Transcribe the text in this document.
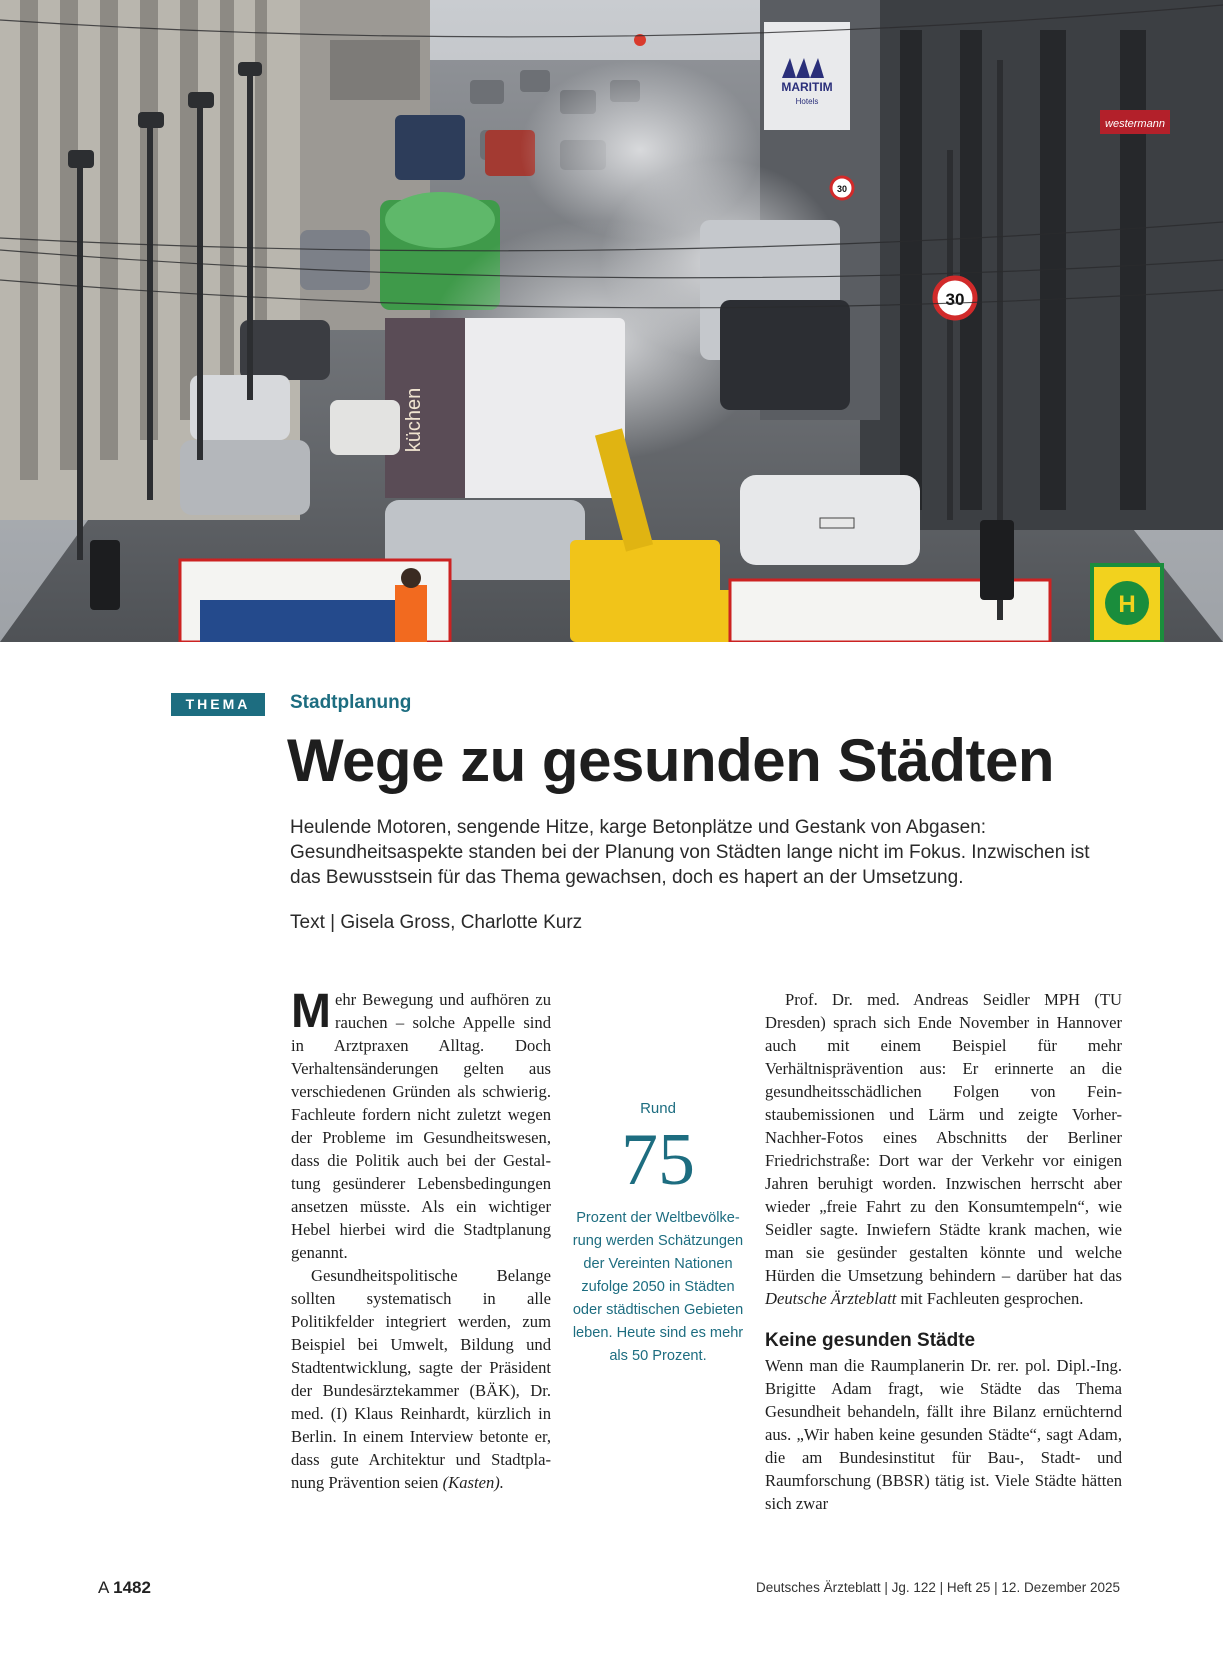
westermann
MARITIM
Hotels
küchen
30
30
H
THEMA	Stadtplanung
Wege zu gesunden Städten

Heulende Motoren, sengende Hitze, karge Betonplätze und Gestank von Abgasen: Gesundheitsaspekte standen bei der Planung von Städten lange nicht im Fokus. Inzwischen ist das Bewusstsein für das Thema gewachsen, doch es hapert an der Umsetzung.

Text | Gisela Gross, Charlotte Kurz

Mehr Bewegung und aufhören zu rauchen – solche Appelle sind in Arztpraxen Alltag. Doch Verhaltensänderungen gelten aus verschiedenen Gründen als schwierig. Fachleute fordern nicht zuletzt wegen der Probleme im Gesundheitswesen, dass die Politik auch bei der Gestaltung gesünderer Lebensbedingungen ansetzen müsste. Als ein wichtiger Hebel hierbei wird die Stadtplanung genannt.

Gesundheitspolitische Belange sollten systematisch in alle Politikfelder integriert werden, zum Beispiel bei Umwelt, Bildung und Stadtentwicklung, sagte der Präsident der Bundesärztekammer (BÄK), Dr. med. (I) Klaus Reinhardt, kürzlich in Berlin. In einem Interview betonte er, dass gute Architektur und Stadtplanung Prävention seien (Kasten).

Rund
75
Prozent der Weltbevölkerung werden Schätzungen der Vereinten Nationen zufolge 2050 in Städten oder städtischen Gebieten leben. Heute sind es mehr als 50 Prozent.

Prof. Dr. med. Andreas Seidler MPH (TU Dresden) sprach sich Ende November in Hannover auch mit einem Beispiel für mehr Verhältnisprävention aus: Er erinnerte an die gesundheitsschädlichen Folgen von Feinstaubemissionen und Lärm und zeigte Vorher-Nachher-Fotos eines Abschnitts der Berliner Friedrichstraße: Dort war der Verkehr vor einigen Jahren beruhigt worden. Inzwischen herrscht aber wieder „freie Fahrt zu den Konsumtempeln“, wie Seidler sagte. Inwiefern Städte krank machen, wie man sie gesünder gestalten könnte und welche Hürden die Umsetzung behindern – darüber hat das Deutsche Ärzteblatt mit Fachleuten gesprochen.

Keine gesunden Städte

Wenn man die Raumplanerin Dr. rer. pol. Dipl.-Ing. Brigitte Adam fragt, wie Städte das Thema Gesundheit behandeln, fällt ihre Bilanz ernüchternd aus. „Wir haben keine gesunden Städte“, sagt Adam, die am Bundesinstitut für Bau-, Stadt- und Raumforschung (BBSR) tätig ist. Viele Städte hätten sich zwar

A 1482	Deutsches Ärzteblatt | Jg. 122 | Heft 25 | 12. Dezember 2025
